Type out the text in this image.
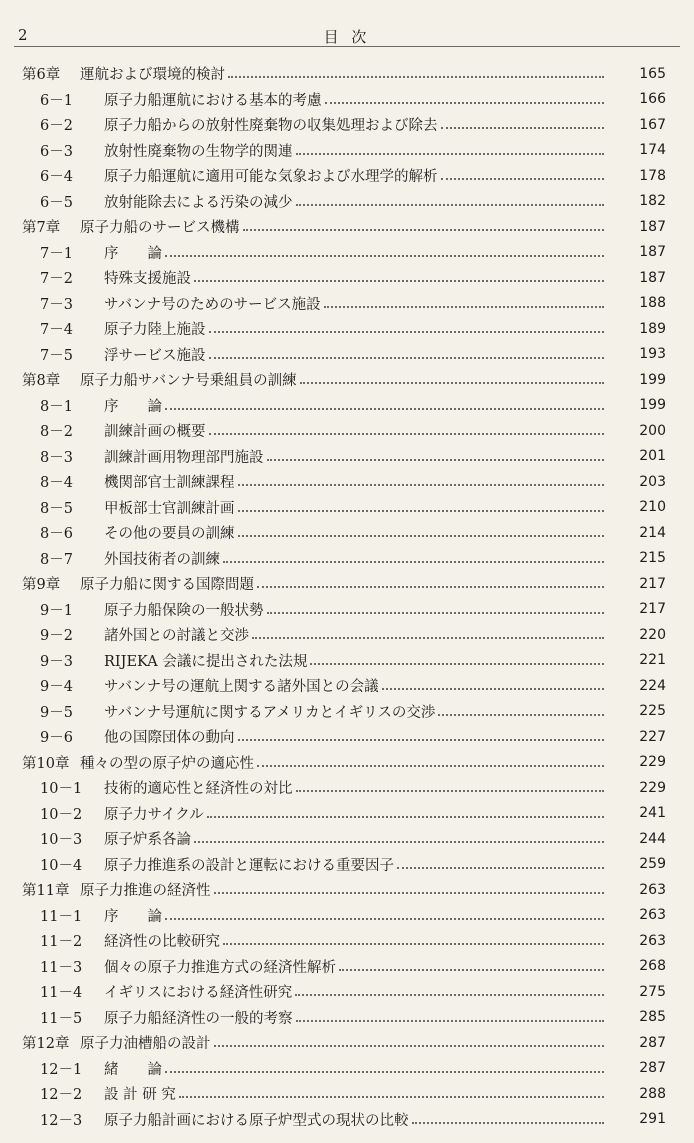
2	目 次
第6章	運航および環境的検討	165
6－1	原子力船運航における基本的考慮	166
6－2	原子力船からの放射性廃棄物の収集処理および除去	167
6－3	放射性廃棄物の生物学的関連	174
6－4	原子力船運航に適用可能な気象および水理学的解析	178
6－5	放射能除去による汚染の減少	182
第7章	原子力船のサービス機構	187
7－1	序　　論	187
7－2	特殊支援施設	187
7－3	サバンナ号のためのサービス施設	188
7－4	原子力陸上施設	189
7－5	浮サービス施設	193
第8章	原子力船サバンナ号乗組員の訓練	199
8－1	序　　論	199
8－2	訓練計画の概要	200
8－3	訓練計画用物理部門施設	201
8－4	機関部官士訓練課程	203
8－5	甲板部士官訓練計画	210
8－6	その他の要員の訓練	214
8－7	外国技術者の訓練	215
第9章	原子力船に関する国際問題	217
9－1	原子力船保険の一般状勢	217
9－2	諸外国との討議と交渉	220
9－3	RIJEKA 会議に提出された法規	221
9－4	サバンナ号の運航上関する諸外国との会議	224
9－5	サバンナ号運航に関するアメリカとイギリスの交渉	225
9－6	他の国際団体の動向	227
第10章 種々の型の原子炉の適応性	229
10－1	技術的適応性と経済性の対比	229
10－2	原子力サイクル	241
10－3	原子炉系各論	244
10－4	原子力推進系の設計と運転における重要因子	259
第11章 原子力推進の経済性	263
11－1	序　　論	263
11－2	経済性の比較研究	263
11－3	個々の原子力推進方式の経済性解析	268
11－4	イギリスにおける経済性研究	275
11－5	原子力船経済性の一般的考察	285
第12章 原子力油槽船の設計	287
12－1	緒　　論	287
12－2	設 計 研 究	288
12－3	原子力船計画における原子炉型式の現状の比較	291
